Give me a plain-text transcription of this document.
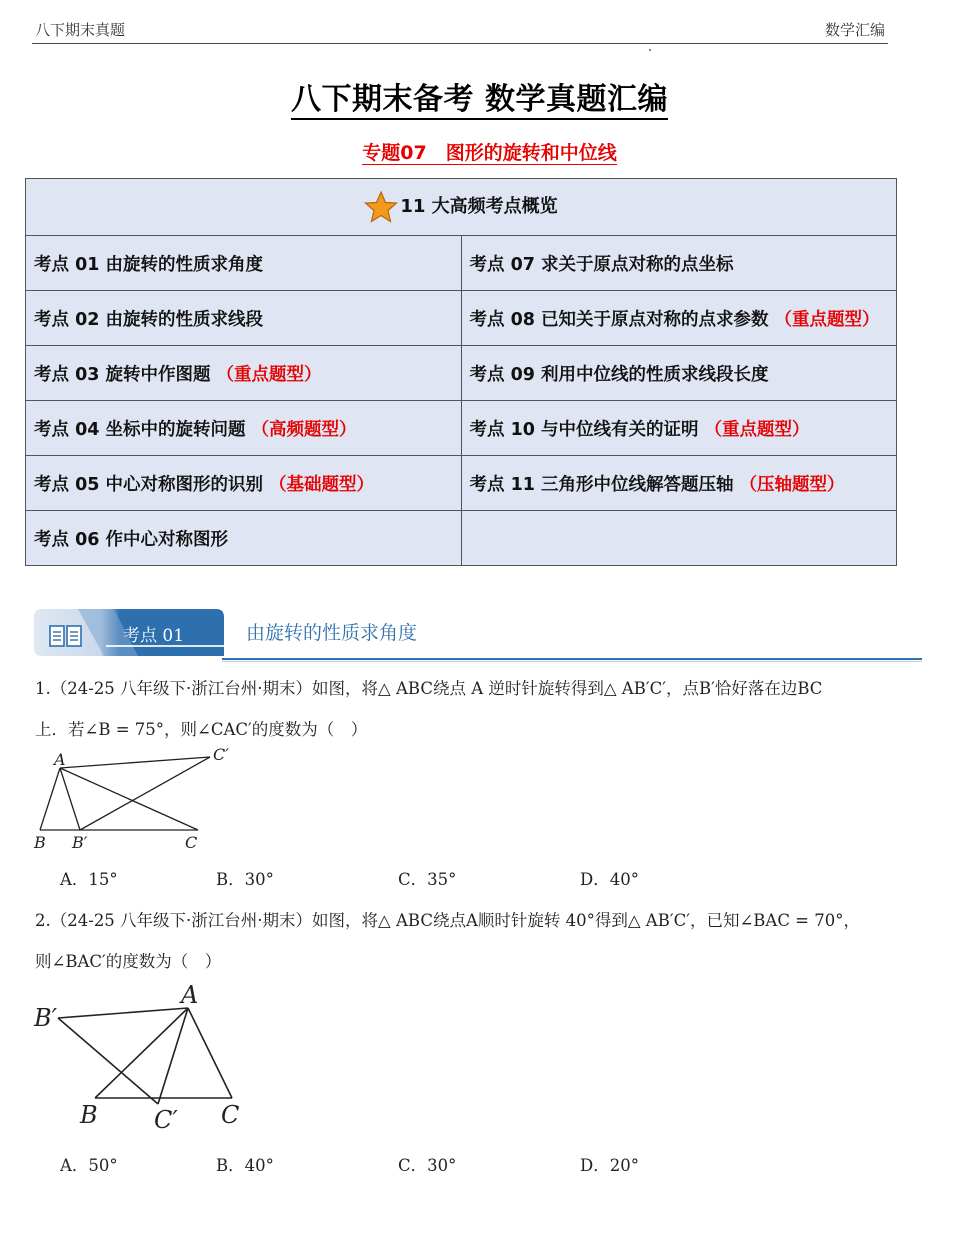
八下期末真题	数学汇编
八下期末备考 数学真题汇编
专题07　图形的旋转和中位线
11 大高频考点概览	
考点 01 由旋转的性质求角度	考点 07 求关于原点对称的点坐标
考点 02 由旋转的性质求线段	考点 08 已知关于原点对称的点求参数 （重点题型）
考点 03 旋转中作图题 （重点题型）	考点 09 利用中位线的性质求线段长度
考点 04 坐标中的旋转问题 （高频题型）	考点 10 与中位线有关的证明 （重点题型）
考点 05 中心对称图形的识别 （基础题型）	考点 11 三角形中位线解答题压轴 （压轴题型）
考点 06 作中心对称图形	
考点 01	由旋转的性质求角度
1.（24-25 八年级下·浙江台州·期末）如图，将△ ABC绕点 A 逆时针旋转得到△ AB′C′，点B′恰好落在边BC
上．若∠B = 75°，则∠CAC′的度数为（　）
A	C′
B B′	C
A．15°	B．30°	C．35°	D．40°
2.（24-25 八年级下·浙江台州·期末）如图，将△ ABC绕点A顺时针旋转 40°得到△ AB′C′，已知∠BAC = 70°，
则∠BAC′的度数为（　）
A
B′
B C′ C
A．50°	B．40°	C．30°	D．20°
